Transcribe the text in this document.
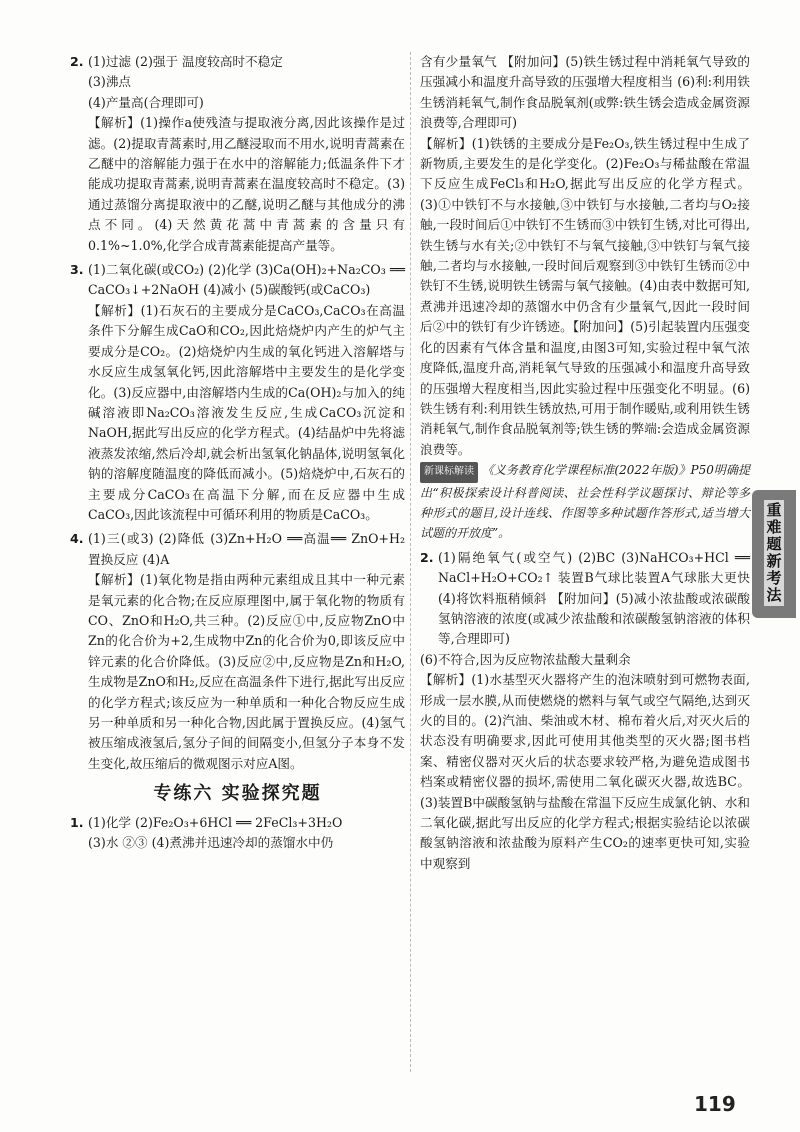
2. (1)过滤 (2)强于 温度较高时不稳定

(3)沸点

(4)产量高(合理即可)

【解析】(1)操作a使残渣与提取液分离,因此该操作是过滤。(2)提取青蒿素时,用乙醚浸取而不用水,说明青蒿素在乙醚中的溶解能力强于在水中的溶解能力;低温条件下才能成功提取青蒿素,说明青蒿素在温度较高时不稳定。(3)通过蒸馏分离提取液中的乙醚,说明乙醚与其他成分的沸点不同。(4)天然黄花蒿中青蒿素的含量只有0.1%~1.0%,化学合成青蒿素能提高产量等。

3. (1)二氧化碳(或CO₂) (2)化学 (3)Ca(OH)₂+Na₂CO₃ ══ CaCO₃↓+2NaOH (4)减小 (5)碳酸钙(或CaCO₃)

【解析】(1)石灰石的主要成分是CaCO₃,CaCO₃在高温条件下分解生成CaO和CO₂,因此焙烧炉内产生的炉气主要成分是CO₂。(2)焙烧炉内生成的氧化钙进入溶解塔与水反应生成氢氧化钙,因此溶解塔中主要发生的是化学变化。(3)反应器中,由溶解塔内生成的Ca(OH)₂与加入的纯碱溶液即Na₂CO₃溶液发生反应,生成CaCO₃沉淀和NaOH,据此写出反应的化学方程式。(4)结晶炉中先将滤液蒸发浓缩,然后冷却,就会析出氢氧化钠晶体,说明氢氧化钠的溶解度随温度的降低而减小。(5)焙烧炉中,石灰石的主要成分CaCO₃在高温下分解,而在反应器中生成CaCO₃,因此该流程中可循环利用的物质是CaCO₃。

4. (1)三(或3) (2)降低 (3)Zn+H₂O ══高温══ ZnO+H₂ 置换反应 (4)A

【解析】(1)氧化物是指由两种元素组成且其中一种元素是氧元素的化合物;在反应原理图中,属于氧化物的物质有CO、ZnO和H₂O,共三种。(2)反应①中,反应物ZnO中Zn的化合价为+2,生成物中Zn的化合价为0,即该反应中锌元素的化合价降低。(3)反应②中,反应物是Zn和H₂O,生成物是ZnO和H₂,反应在高温条件下进行,据此写出反应的化学方程式;该反应为一种单质和一种化合物反应生成另一种单质和另一种化合物,因此属于置换反应。(4)氢气被压缩成液氢后,氢分子间的间隔变小,但氢分子本身不发生变化,故压缩后的微观图示对应A图。

专练六 实验探究题

1. (1)化学 (2)Fe₂O₃+6HCl ══ 2FeCl₃+3H₂O

(3)水 ②③ (4)煮沸并迅速冷却的蒸馏水中仍

含有少量氧气 【附加问】(5)铁生锈过程中消耗氧气导致的压强减小和温度升高导致的压强增大程度相当 (6)利:利用铁生锈消耗氧气,制作食品脱氧剂(或弊:铁生锈会造成金属资源浪费等,合理即可)

【解析】(1)铁锈的主要成分是Fe₂O₃,铁生锈过程中生成了新物质,主要发生的是化学变化。(2)Fe₂O₃与稀盐酸在常温下反应生成FeCl₃和H₂O,据此写出反应的化学方程式。(3)①中铁钉不与水接触,③中铁钉与水接触,二者均与O₂接触,一段时间后①中铁钉不生锈而③中铁钉生锈,对比可得出,铁生锈与水有关;②中铁钉不与氧气接触,③中铁钉与氧气接触,二者均与水接触,一段时间后观察到③中铁钉生锈而②中铁钉不生锈,说明铁生锈需与氧气接触。(4)由表中数据可知,煮沸并迅速冷却的蒸馏水中仍含有少量氧气,因此一段时间后②中的铁钉有少许锈迹。【附加问】(5)引起装置内压强变化的因素有气体含量和温度,由图3可知,实验过程中氧气浓度降低,温度升高,消耗氧气导致的压强减小和温度升高导致的压强增大程度相当,因此实验过程中压强变化不明显。(6)铁生锈有利:利用铁生锈放热,可用于制作暖贴,或利用铁生锈消耗氧气,制作食品脱氧剂等;铁生锈的弊端:会造成金属资源浪费等。

新课标解读 《义务教育化学课程标准(2022年版)》P50明确提出“积极探索设计科普阅读、社会性科学议题探讨、辩论等多种形式的题目,设计连线、作图等多种试题作答形式,适当增大试题的开放度”。

2. (1)隔绝氧气(或空气) (2)BC (3)NaHCO₃+HCl ══ NaCl+H₂O+CO₂↑ 装置B气球比装置A气球胀大更快 (4)将饮料瓶稍倾斜 【附加问】(5)减小浓盐酸或浓碳酸氢钠溶液的浓度(或减少浓盐酸和浓碳酸氢钠溶液的体积等,合理即可)

(6)不符合,因为反应物浓盐酸大量剩余

【解析】(1)水基型灭火器将产生的泡沫喷射到可燃物表面,形成一层水膜,从而使燃烧的燃料与氧气或空气隔绝,达到灭火的目的。(2)汽油、柴油或木材、棉布着火后,对灭火后的状态没有明确要求,因此可使用其他类型的灭火器;图书档案、精密仪器对灭火后的状态要求较严格,为避免造成图书档案或精密仪器的损坏,需使用二氧化碳灭火器,故选BC。(3)装置B中碳酸氢钠与盐酸在常温下反应生成氯化钠、水和二氧化碳,据此写出反应的化学方程式;根据实验结论以浓碳酸氢钠溶液和浓盐酸为原料产生CO₂的速率更快可知,实验中观察到

重难题新考法
119
